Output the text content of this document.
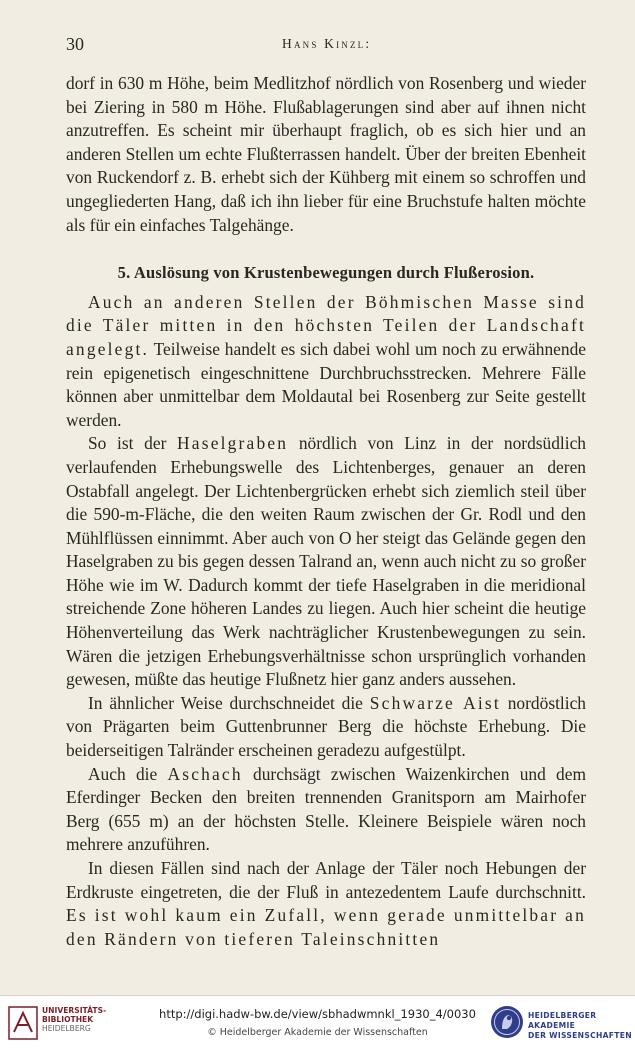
30	Hans Kinzl:

dorf in 630 m Höhe, beim Medlitzhof nördlich von Rosenberg und wieder bei Ziering in 580 m Höhe. Flußablagerungen sind aber auf ihnen nicht anzutreffen. Es scheint mir überhaupt fraglich, ob es sich hier und an anderen Stellen um echte Flußterrassen handelt. Über der breiten Ebenheit von Ruckendorf z. B. erhebt sich der Kühberg mit einem so schroffen und ungegliederten Hang, daß ich ihn lieber für eine Bruchstufe halten möchte als für ein einfaches Talgehänge.

5. Auslösung von Krustenbewegungen durch Flußerosion.

Auch an anderen Stellen der Böhmischen Masse sind die Täler mitten in den höchsten Teilen der Landschaft angelegt. Teilweise handelt es sich dabei wohl um noch zu erwähnende rein epigenetisch eingeschnittene Durchbruchsstrecken. Mehrere Fälle können aber unmittelbar dem Moldautal bei Rosenberg zur Seite gestellt werden.

So ist der Haselgraben nördlich von Linz in der nordsüdlich verlaufenden Erhebungswelle des Lichtenberges, genauer an deren Ostabfall angelegt. Der Lichtenbergrücken erhebt sich ziemlich steil über die 590-m-Fläche, die den weiten Raum zwischen der Gr. Rodl und den Mühlflüssen einnimmt. Aber auch von O her steigt das Gelände gegen den Haselgraben zu bis gegen dessen Talrand an, wenn auch nicht zu so großer Höhe wie im W. Dadurch kommt der tiefe Haselgraben in die meridional streichende Zone höheren Landes zu liegen. Auch hier scheint die heutige Höhenverteilung das Werk nachträglicher Krustenbewegungen zu sein. Wären die jetzigen Erhebungsverhältnisse schon ursprünglich vorhanden gewesen, müßte das heutige Flußnetz hier ganz anders aussehen.

In ähnlicher Weise durchschneidet die Schwarze Aist nordöstlich von Prägarten beim Guttenbrunner Berg die höchste Erhebung. Die beiderseitigen Talränder erscheinen geradezu aufgestülpt.

Auch die Aschach durchsägt zwischen Waizenkirchen und dem Eferdinger Becken den breiten trennenden Granitsporn am Mairhofer Berg (655 m) an der höchsten Stelle. Kleinere Beispiele wären noch mehrere anzuführen.

In diesen Fällen sind nach der Anlage der Täler noch Hebungen der Erdkruste eingetreten, die der Fluß in antezedentem Laufe durchschnitt. Es ist wohl kaum ein Zufall, wenn gerade unmittelbar an den Rändern von tieferen Taleinschnitten

UNIVERSITÄTS-
BIBLIOTHEK
HEIDELBERG
http://digi.hadw-bw.de/view/sbhadwmnkl_1930_4/0030
© Heidelberger Akademie der Wissenschaften
HEIDELBERGER AKADEMIE
DER WISSENSCHAFTEN
